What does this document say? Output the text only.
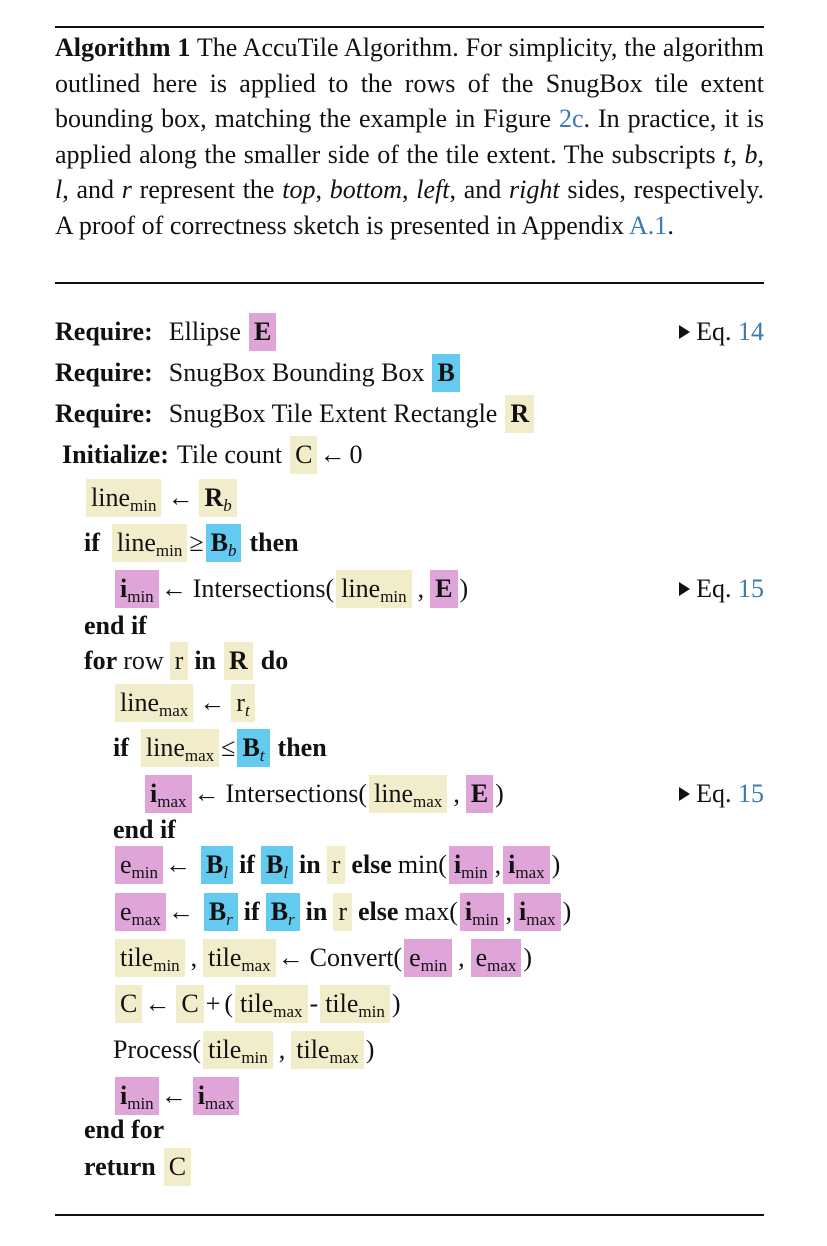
Algorithm 1 The AccuTile Algorithm. For simplicity, the algorithm outlined here is applied to the rows of the SnugBox tile extent bounding box, matching the example in Figure 2c. In practice, it is applied along the smaller side of the tile extent. The subscripts t, b, l, and r represent the top, bottom, left, and right sides, respectively. A proof of correctness sketch is presented in Appendix A.1.
Require: Ellipse E	Eq. 14
Require: SnugBox Bounding Box B
Require: SnugBox Tile Extent Rectangle R
Initialize: Tile count C ← 0
line$_{min}$ ← $R_b$
if line$_{min}$ ≥ $B_b$ then
$i_{min}$ ← Intersections( line$_{min}$ , E )	Eq. 15
end if
for row r in R do
line$_{max}$ ← $r_t$
if line$_{max}$ ≤ $B_t$ then
$i_{max}$ ← Intersections( line$_{max}$ , E )	Eq. 15
end if
$e_{min}$ ← $B_l$ if $B_l$ in r else min( $i_{min}$ , $i_{max}$ )
$e_{max}$ ← $B_r$ if $B_r$ in r else max( $i_{min}$ , $i_{max}$ )
tile$_{min}$ , tile$_{max}$ ← Convert( $e_{min}$ , $e_{max}$ )
C ← C + ( tile$_{max}$ - tile$_{min}$ )
Process( tile$_{min}$ , tile$_{max}$ )
$i_{min}$ ← $i_{max}$
end for
return C
